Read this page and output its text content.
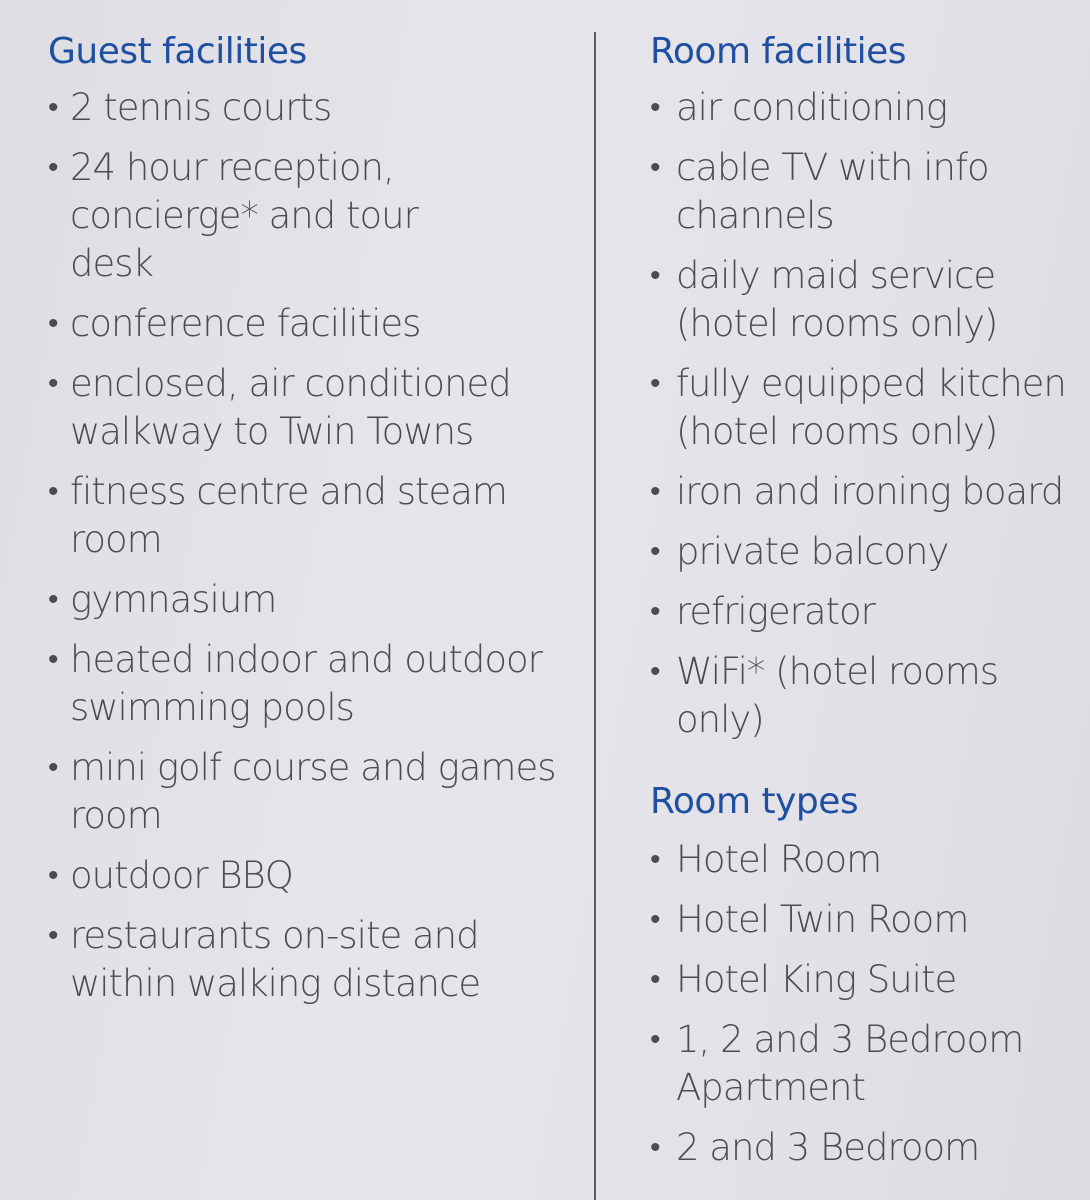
Guest facilities
• 2 tennis courts
• 24 hour reception, concierge* and tour desk
• conference facilities
• enclosed, air conditioned walkway to Twin Towns
• fitness centre and steam room
• gymnasium
• heated indoor and outdoor swimming pools
• mini golf course and games room
• outdoor BBQ
• restaurants on-site and within walking distance
Room facilities
• air conditioning
• cable TV with info channels
• daily maid service (hotel rooms only)
• fully equipped kitchen (hotel rooms only)
• iron and ironing board
• private balcony
• refrigerator
• WiFi* (hotel rooms only)
Room types
• Hotel Room
• Hotel Twin Room
• Hotel King Suite
• 1, 2 and 3 Bedroom Apartment
• 2 and 3 Bedroom
